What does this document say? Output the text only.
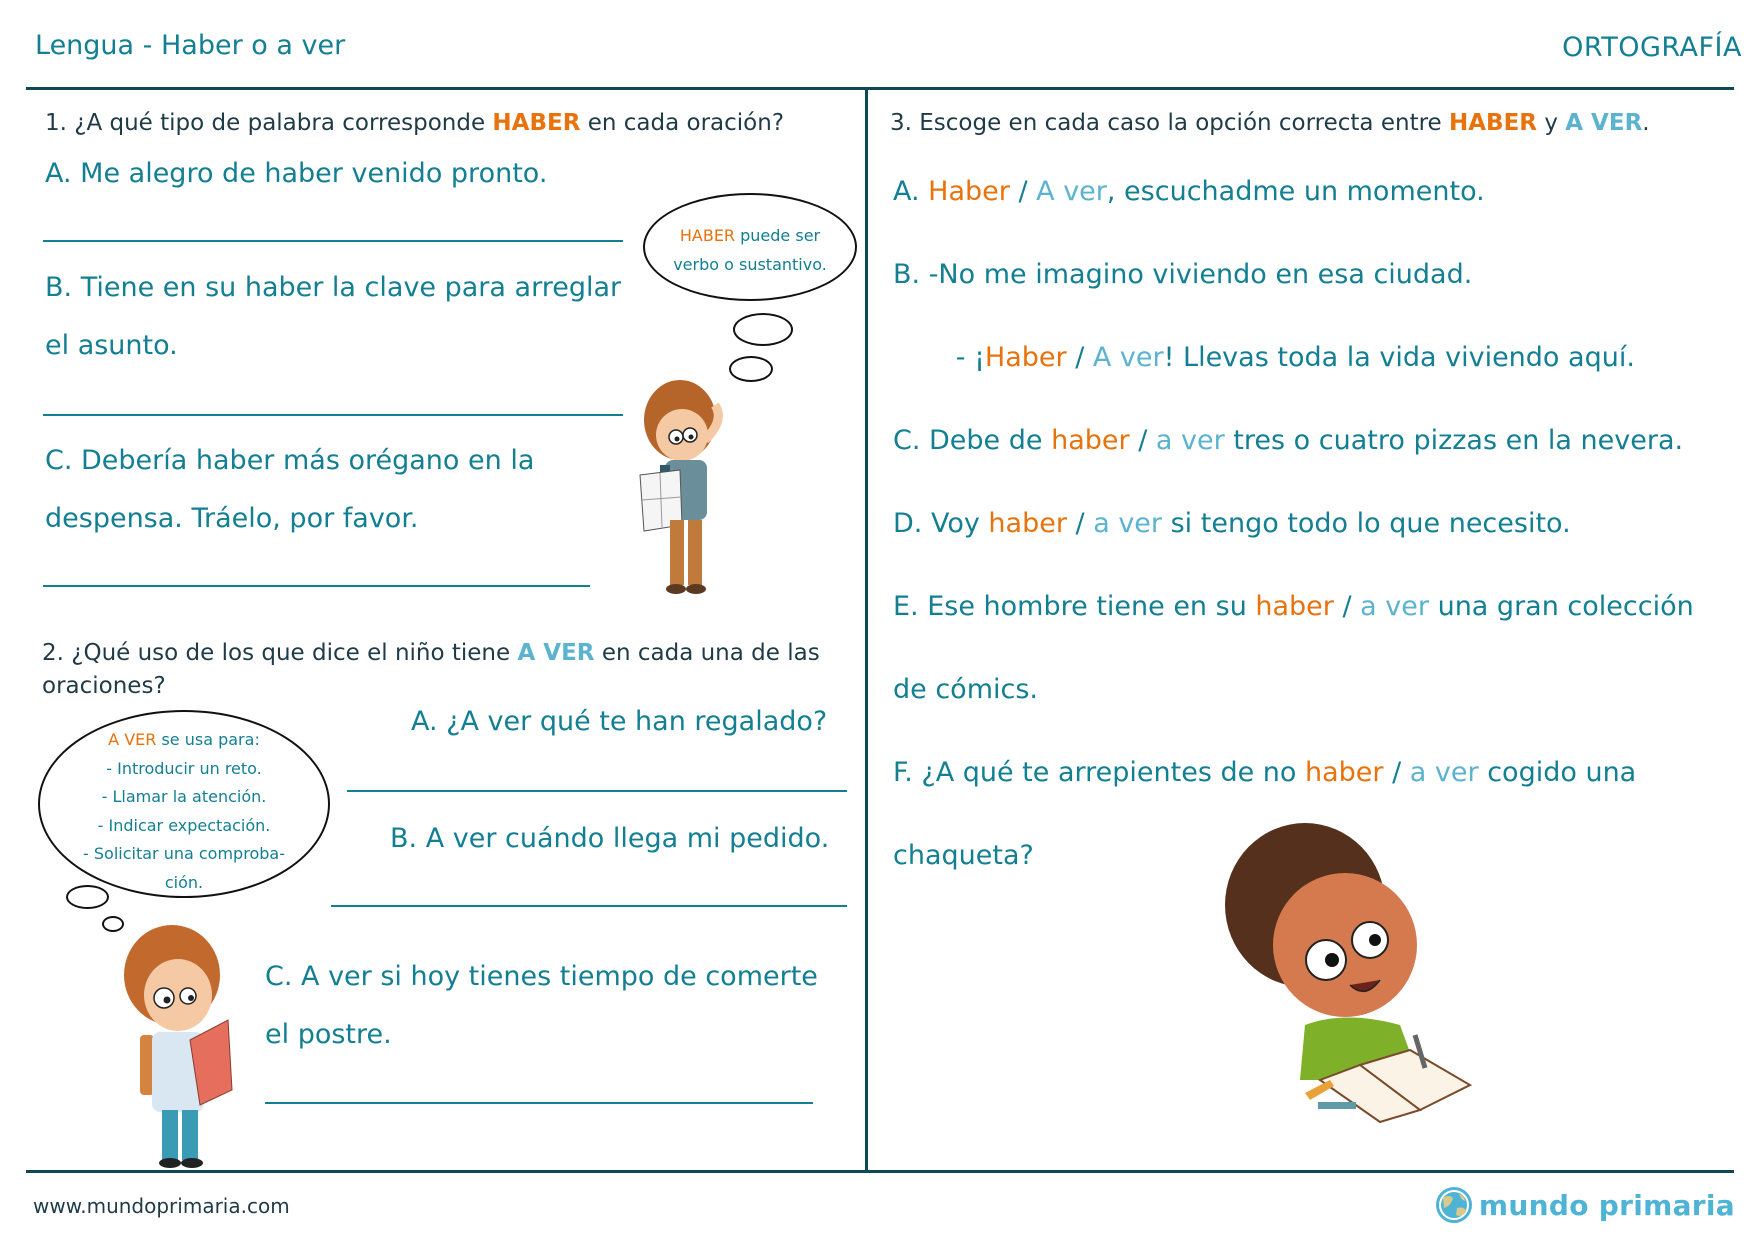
Lengua - Haber o a ver	ORTOGRAFÍA
1. ¿A qué tipo de palabra corresponde HABER en cada oración?
A. Me alegro de haber venido pronto.
B. Tiene en su haber la clave para arreglar
el asunto.
C. Debería haber más orégano en la
despensa. Tráelo, por favor.
HABER puede ser
verbo o sustantivo.
2. ¿Qué uso de los que dice el niño tiene A VER en cada una de las
oraciones?
A. ¿A ver qué te han regalado?
B. A ver cuándo llega mi pedido.
C. A ver si hoy tienes tiempo de comerte
el postre.
A VER se usa para:
- Introducir un reto.
- Llamar la atención.
- Indicar expectación.
- Solicitar una comproba-
ción.
3. Escoge en cada caso la opción correcta entre HABER y A VER.
A. Haber / A ver, escuchadme un momento.
B. -No me imagino viviendo en esa ciudad.
- ¡Haber / A ver! Llevas toda la vida viviendo aquí.
C. Debe de haber / a ver tres o cuatro pizzas en la nevera.
D. Voy haber / a ver si tengo todo lo que necesito.
E. Ese hombre tiene en su haber / a ver una gran colección
de cómics.
F. ¿A qué te arrepientes de no haber / a ver cogido una
chaqueta?
www.mundoprimaria.com	mundo primaria
